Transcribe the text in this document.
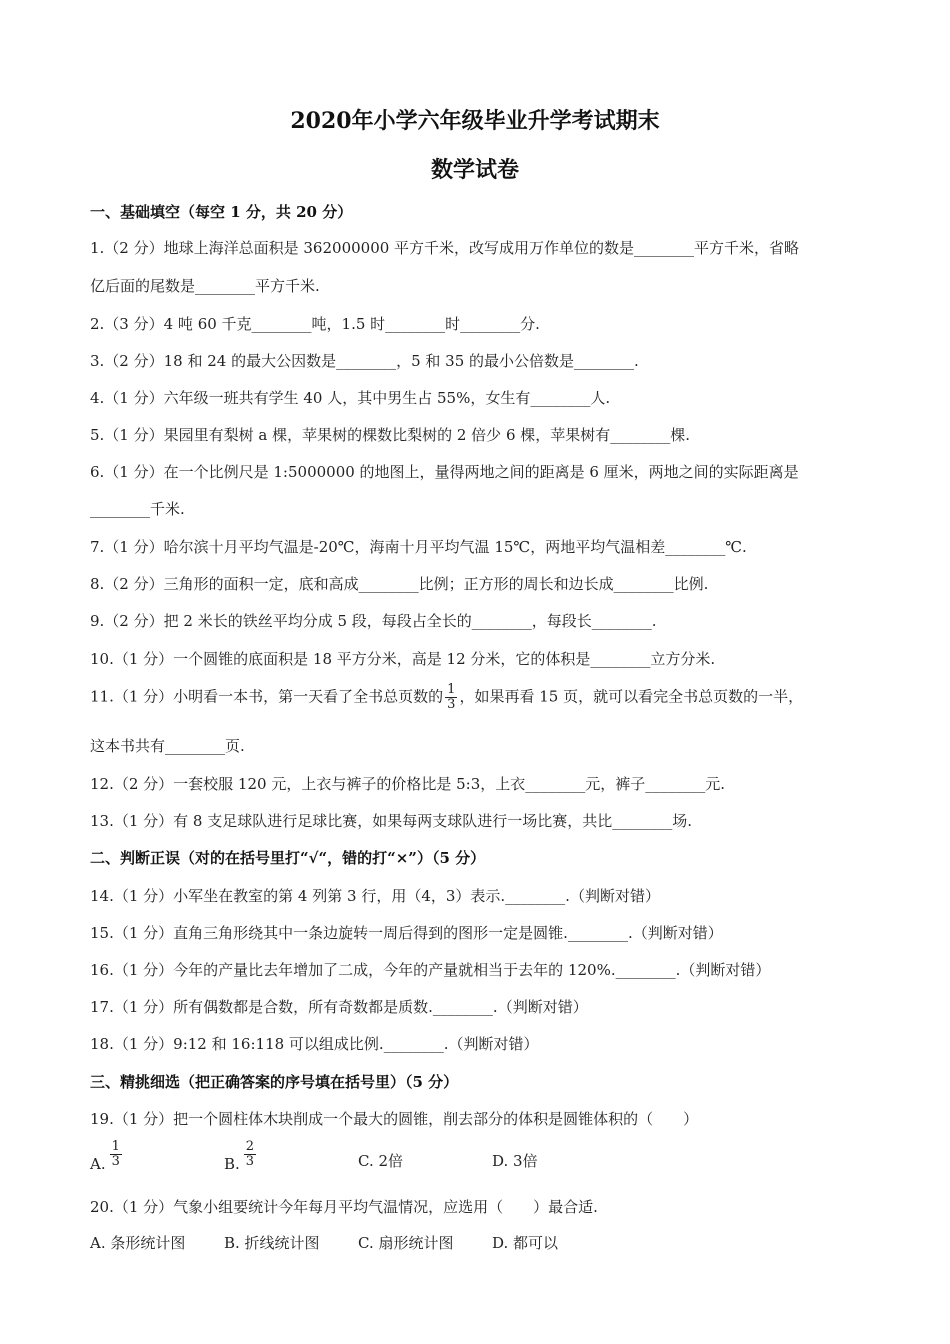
2020年小学六年级毕业升学考试期末
数学试卷
一、基础填空（每空 1 分，共 20 分）
1.（2 分）地球上海洋总面积是 362000000 平方千米，改写成用万作单位的数是________平方千米，省略
亿后面的尾数是________平方千米.
2.（3 分）4 吨 60 千克________吨，1.5 时________时________分.
3.（2 分）18 和 24 的最大公因数是________，5 和 35 的最小公倍数是________.
4.（1 分）六年级一班共有学生 40 人，其中男生占 55%，女生有________人.
5.（1 分）果园里有梨树 a 棵，苹果树的棵数比梨树的 2 倍少 6 棵，苹果树有________棵.
6.（1 分）在一个比例尺是 1:5000000 的地图上，量得两地之间的距离是 6 厘米，两地之间的实际距离是
________千米.
7.（1 分）哈尔滨十月平均气温是-20℃，海南十月平均气温 15℃，两地平均气温相差________℃.
8.（2 分）三角形的面积一定，底和高成________比例；正方形的周长和边长成________比例.
9.（2 分）把 2 米长的铁丝平均分成 5 段，每段占全长的________，每段长________.
10.（1 分）一个圆锥的底面积是 18 平方分米，高是 12 分米，它的体积是________立方分米.
11.（1 分）小明看一本书，第一天看了全书总页数的 $\frac{1}{3}$ ，如果再看 15 页，就可以看完全书总页数的一半，
这本书共有________页.
12.（2 分）一套校服 120 元，上衣与裤子的价格比是 5:3，上衣________元，裤子________元.
13.（1 分）有 8 支足球队进行足球比赛，如果每两支球队进行一场比赛，共比________场.
二、判断正误（对的在括号里打“√“，错的打“×”）（5 分）
14.（1 分）小军坐在教室的第 4 列第 3 行，用（4，3）表示.________.（判断对错）
15.（1 分）直角三角形绕其中一条边旋转一周后得到的图形一定是圆锥.________.（判断对错）
16.（1 分）今年的产量比去年增加了二成，今年的产量就相当于去年的 120%.________.（判断对错）
17.（1 分）所有偶数都是合数，所有奇数都是质数.________.（判断对错）
18.（1 分）9:12 和 16:118 可以组成比例.________.（判断对错）
三、精挑细选（把正确答案的序号填在括号里）（5 分）
19.（1 分）把一个圆柱体木块削成一个最大的圆锥，削去部分的体积是圆锥体积的（　　）
A. $\frac{1}{3}$	B. $\frac{2}{3}$	C. 2倍	D. 3倍
20.（1 分）气象小组要统计今年每月平均气温情况，应选用（　　）最合适.
A. 条形统计图	B. 折线统计图	C. 扇形统计图	D. 都可以
